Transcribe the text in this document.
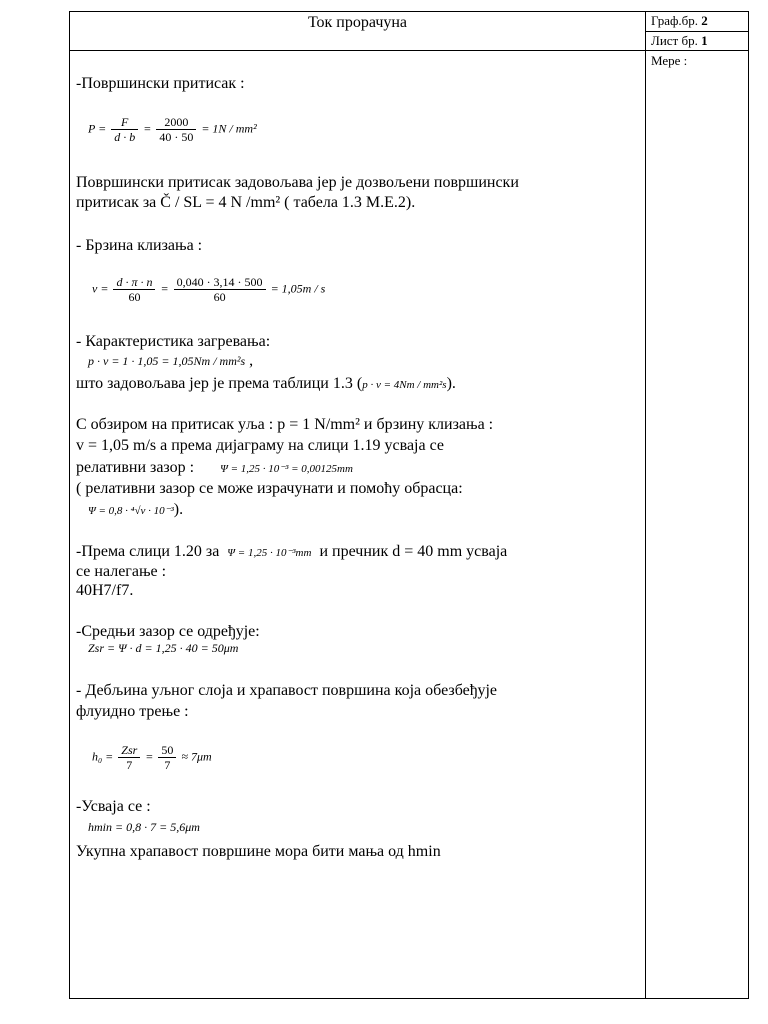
Ток прорачуна	Граф.бр. 2
Лист бр. 1
Мере :
-Површински притисак :
$P = \frac{F}{d \cdot b} = \frac{2000}{40 \cdot 50} = 1N / mm^2$
Површински притисак задовољава јер је дозвољени површински
притисак за Č / SL = 4 N /mm² ( табела 1.3 М.Е.2).
- Брзина клизања :
$v = \frac{d \cdot \pi \cdot n}{60} = \frac{0,040 \cdot 3,14 \cdot 500}{60} = 1,05m / s$
- Карактеристика загревања:
p · v = 1 · 1,05 = 1,05Nm / mm²s ,
што задовољава јер је према таблици 1.3 (p · v = 4Nm / mm²s).
С обзиром на притисак уља : p = 1 N/mm² и брзину клизања :
v = 1,05 m/s а према дијаграму на слици 1.19 усваја се
релативни зазор : Ψ = 1,25 · 10⁻³ = 0,00125mm
( релативни зазор се може израчунати и помоћу обрасца:
Ψ = 0,8 · ⁴√v · 10⁻³).
-Према слици 1.20 за Ψ = 1,25 · 10⁻³mm и пречник d = 40 mm усваја
се налегање :
40H7/f7.
-Средњи зазор се одређује:
Zsr = Ψ · d = 1,25 · 40 = 50μm
- Дебљина уљног слоја и храпавост површина која обезбеђује
флуидно трење :
$h_0 = \frac{\text{Zsr}}{7} = \frac{50}{7} \approx 7\mu m$
-Усваја се :
hmin = 0,8 · 7 = 5,6μm
Укупна храпавост површине мора бити мања од hmin
